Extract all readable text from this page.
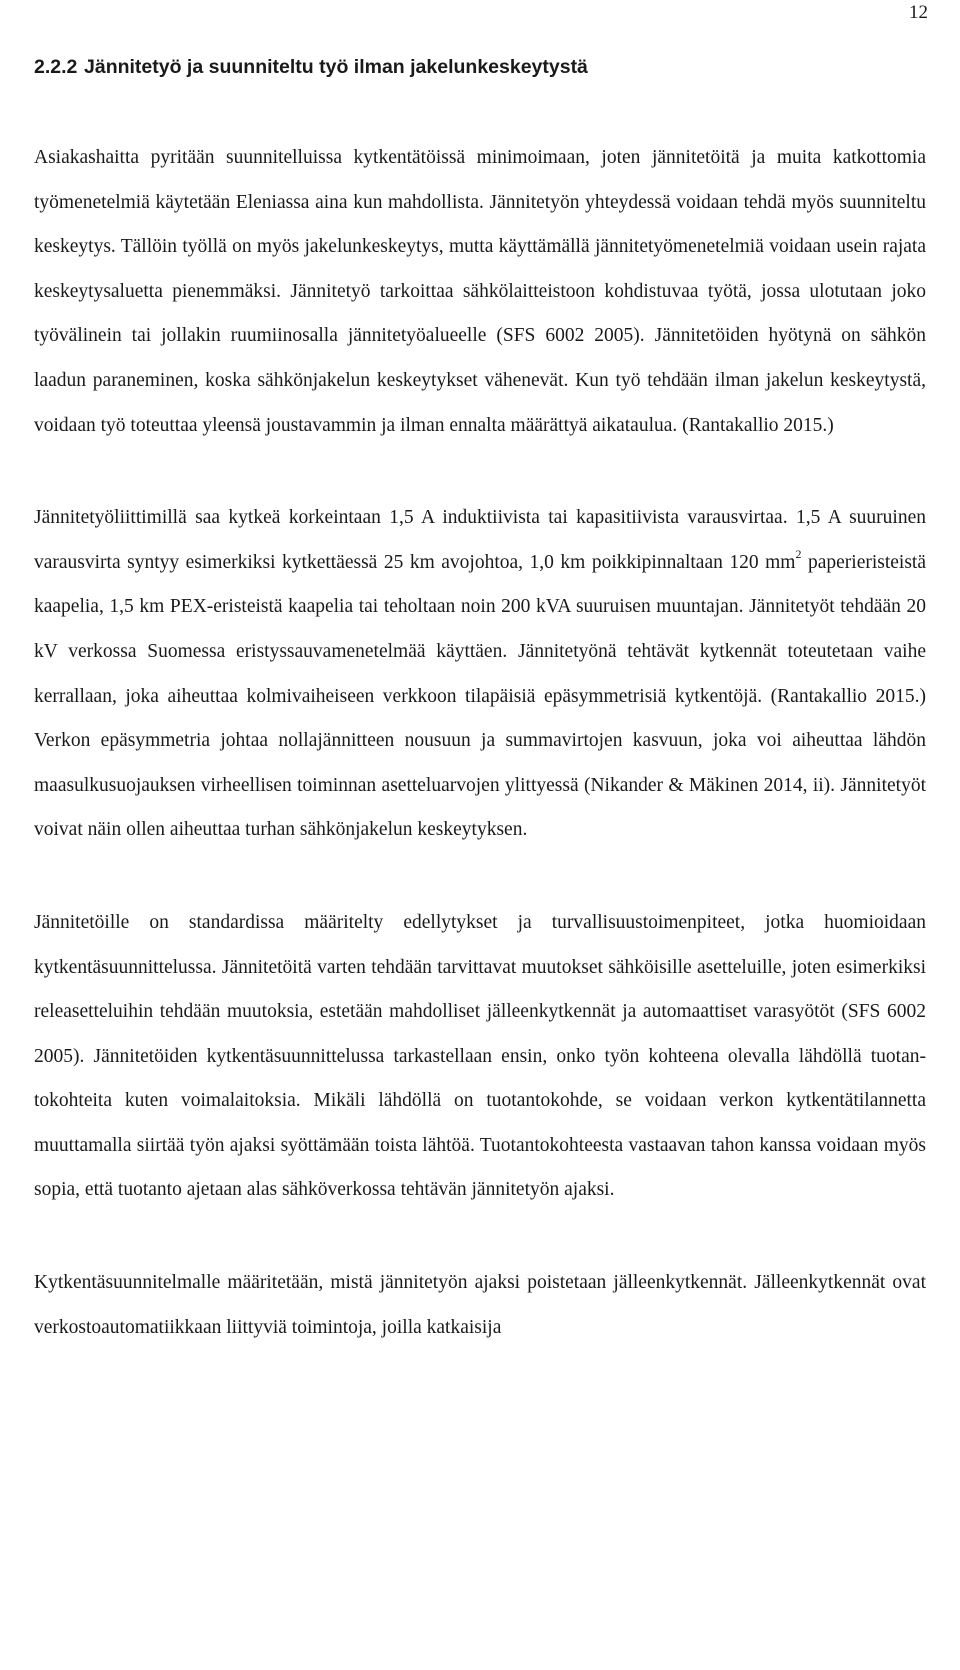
12
2.2.2 Jännitetyö ja suunniteltu työ ilman jakelunkeskeytystä

Asiakashaitta pyritään suunnitelluissa kytkentätöissä minimoimaan, joten jännitetöitä ja muita katkottomia työmenetelmiä käytetään Eleniassa aina kun mahdollista. Jännitetyön yhteydessä voidaan tehdä myös suunniteltu keskeytys. Tällöin työllä on myös jakelunkeskeytys, mutta käyttämällä jännitetyömenetelmiä voidaan usein rajata keskeytysaluetta pienemmäksi. Jännitetyö tarkoittaa sähkölaitteistoon kohdistuvaa työtä, jossa ulotutaan joko työvälinein tai jollakin ruumiinosalla jännitetyöalueelle (SFS 6002 2005). Jännitetöiden hyötynä on sähkön laadun paraneminen, koska sähkönjakelun keskeytykset vähenevät. Kun työ tehdään ilman jakelun keskeytystä, voidaan työ toteuttaa yleensä joustavammin ja ilman ennalta määrättyä aikataulua. (Rantakallio 2015.)

Jännitetyöliittimillä saa kytkeä korkeintaan 1,5 A induktiivista tai kapasitiivista varausvirtaa. 1,5 A suuruinen varausvirta syntyy esimerkiksi kytkettäessä 25 km avojohtoa, 1,0 km poikkipinnaltaan 120 $mm^2$ paperieristeistä kaapelia, 1,5 km PEX-eristeistä kaapelia tai teholtaan noin 200 kVA suuruisen muuntajan. Jännitetyöt tehdään 20 kV verkossa Suomessa eristyssauvamenetelmää käyttäen. Jännitetyönä tehtävät kytkennät toteutetaan vaihe kerrallaan, joka aiheuttaa kolmivaiheiseen verkkoon tilapäisiä epäsymmetrisiä kytkentöjä. (Rantakallio 2015.) Verkon epäsymmetria johtaa nollajännitteen nousuun ja summavirtojen kasvuun, joka voi aiheuttaa lähdön maasulkusuojauksen virheellisen toiminnan asetteluarvojen ylittyessä (Nikander & Mäkinen 2014, ii). Jännitetyöt voivat näin ollen aiheuttaa turhan sähkönjakelun keskeytyksen.

Jännitetöille on standardissa määritelty edellytykset ja turvallisuustoimenpiteet, jotka huomioidaan kytkentäsuunnittelussa. Jännitetöitä varten tehdään tarvittavat muutokset sähköisille asetteluille, joten esimerkiksi releasetteluihin tehdään muutoksia, estetään mahdolliset jälleenkytkennät ja automaattiset varasyötöt (SFS 6002 2005). Jännitetöiden kytkentäsuunnittelussa tarkastellaan ensin, onko työn kohteena olevalla lähdöllä tuotantokohteita kuten voimalaitoksia. Mikäli lähdöllä on tuotantokohde, se voidaan verkon kytkentätilannetta muuttamalla siirtää työn ajaksi syöttämään toista lähtöä. Tuotantokohteesta vastaavan tahon kanssa voidaan myös sopia, että tuotanto ajetaan alas sähköverkossa tehtävän jännitetyön ajaksi.

Kytkentäsuunnitelmalle määritetään, mistä jännitetyön ajaksi poistetaan jälleenkytkennät. Jälleenkytkennät ovat verkostoautomatiikkaan liittyviä toimintoja, joilla katkaisija
